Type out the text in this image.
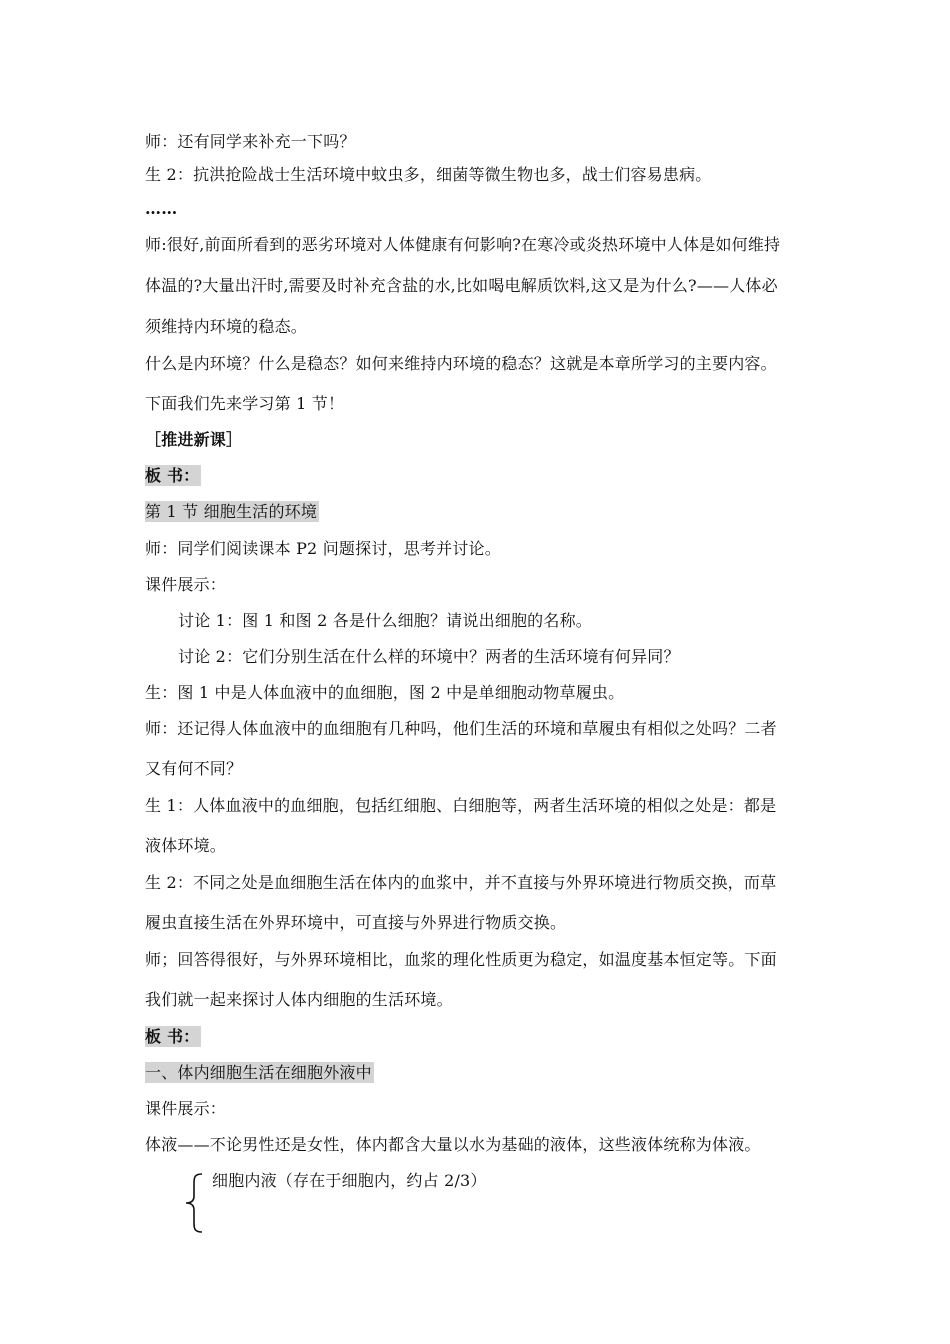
师：还有同学来补充一下吗？
生 2：抗洪抢险战士生活环境中蚊虫多，细菌等微生物也多，战士们容易患病。
……
师:很好,前面所看到的恶劣环境对人体健康有何影响?在寒冷或炎热环境中人体是如何维持
体温的?大量出汗时,需要及时补充含盐的水,比如喝电解质饮料,这又是为什么?——人体必
须维持内环境的稳态。
什么是内环境？什么是稳态？如何来维持内环境的稳态？这就是本章所学习的主要内容。
下面我们先来学习第 1 节！
［推进新课］
板 书：
第 1 节 细胞生活的环境
师：同学们阅读课本 P2 问题探讨，思考并讨论。
课件展示：
讨论 1：图 1 和图 2 各是什么细胞？请说出细胞的名称。
讨论 2：它们分别生活在什么样的环境中？两者的生活环境有何异同？
生：图 1 中是人体血液中的血细胞，图 2 中是单细胞动物草履虫。
师：还记得人体血液中的血细胞有几种吗，他们生活的环境和草履虫有相似之处吗？二者
又有何不同？
生 1：人体血液中的血细胞，包括红细胞、白细胞等，两者生活环境的相似之处是：都是
液体环境。
生 2：不同之处是血细胞生活在体内的血浆中，并不直接与外界环境进行物质交换，而草
履虫直接生活在外界环境中，可直接与外界进行物质交换。
师；回答得很好，与外界环境相比，血浆的理化性质更为稳定，如温度基本恒定等。下面
我们就一起来探讨人体内细胞的生活环境。
板 书：
一、体内细胞生活在细胞外液中
课件展示：
体液——不论男性还是女性，体内都含大量以水为基础的液体，这些液体统称为体液。
细胞内液（存在于细胞内，约占 2/3）
